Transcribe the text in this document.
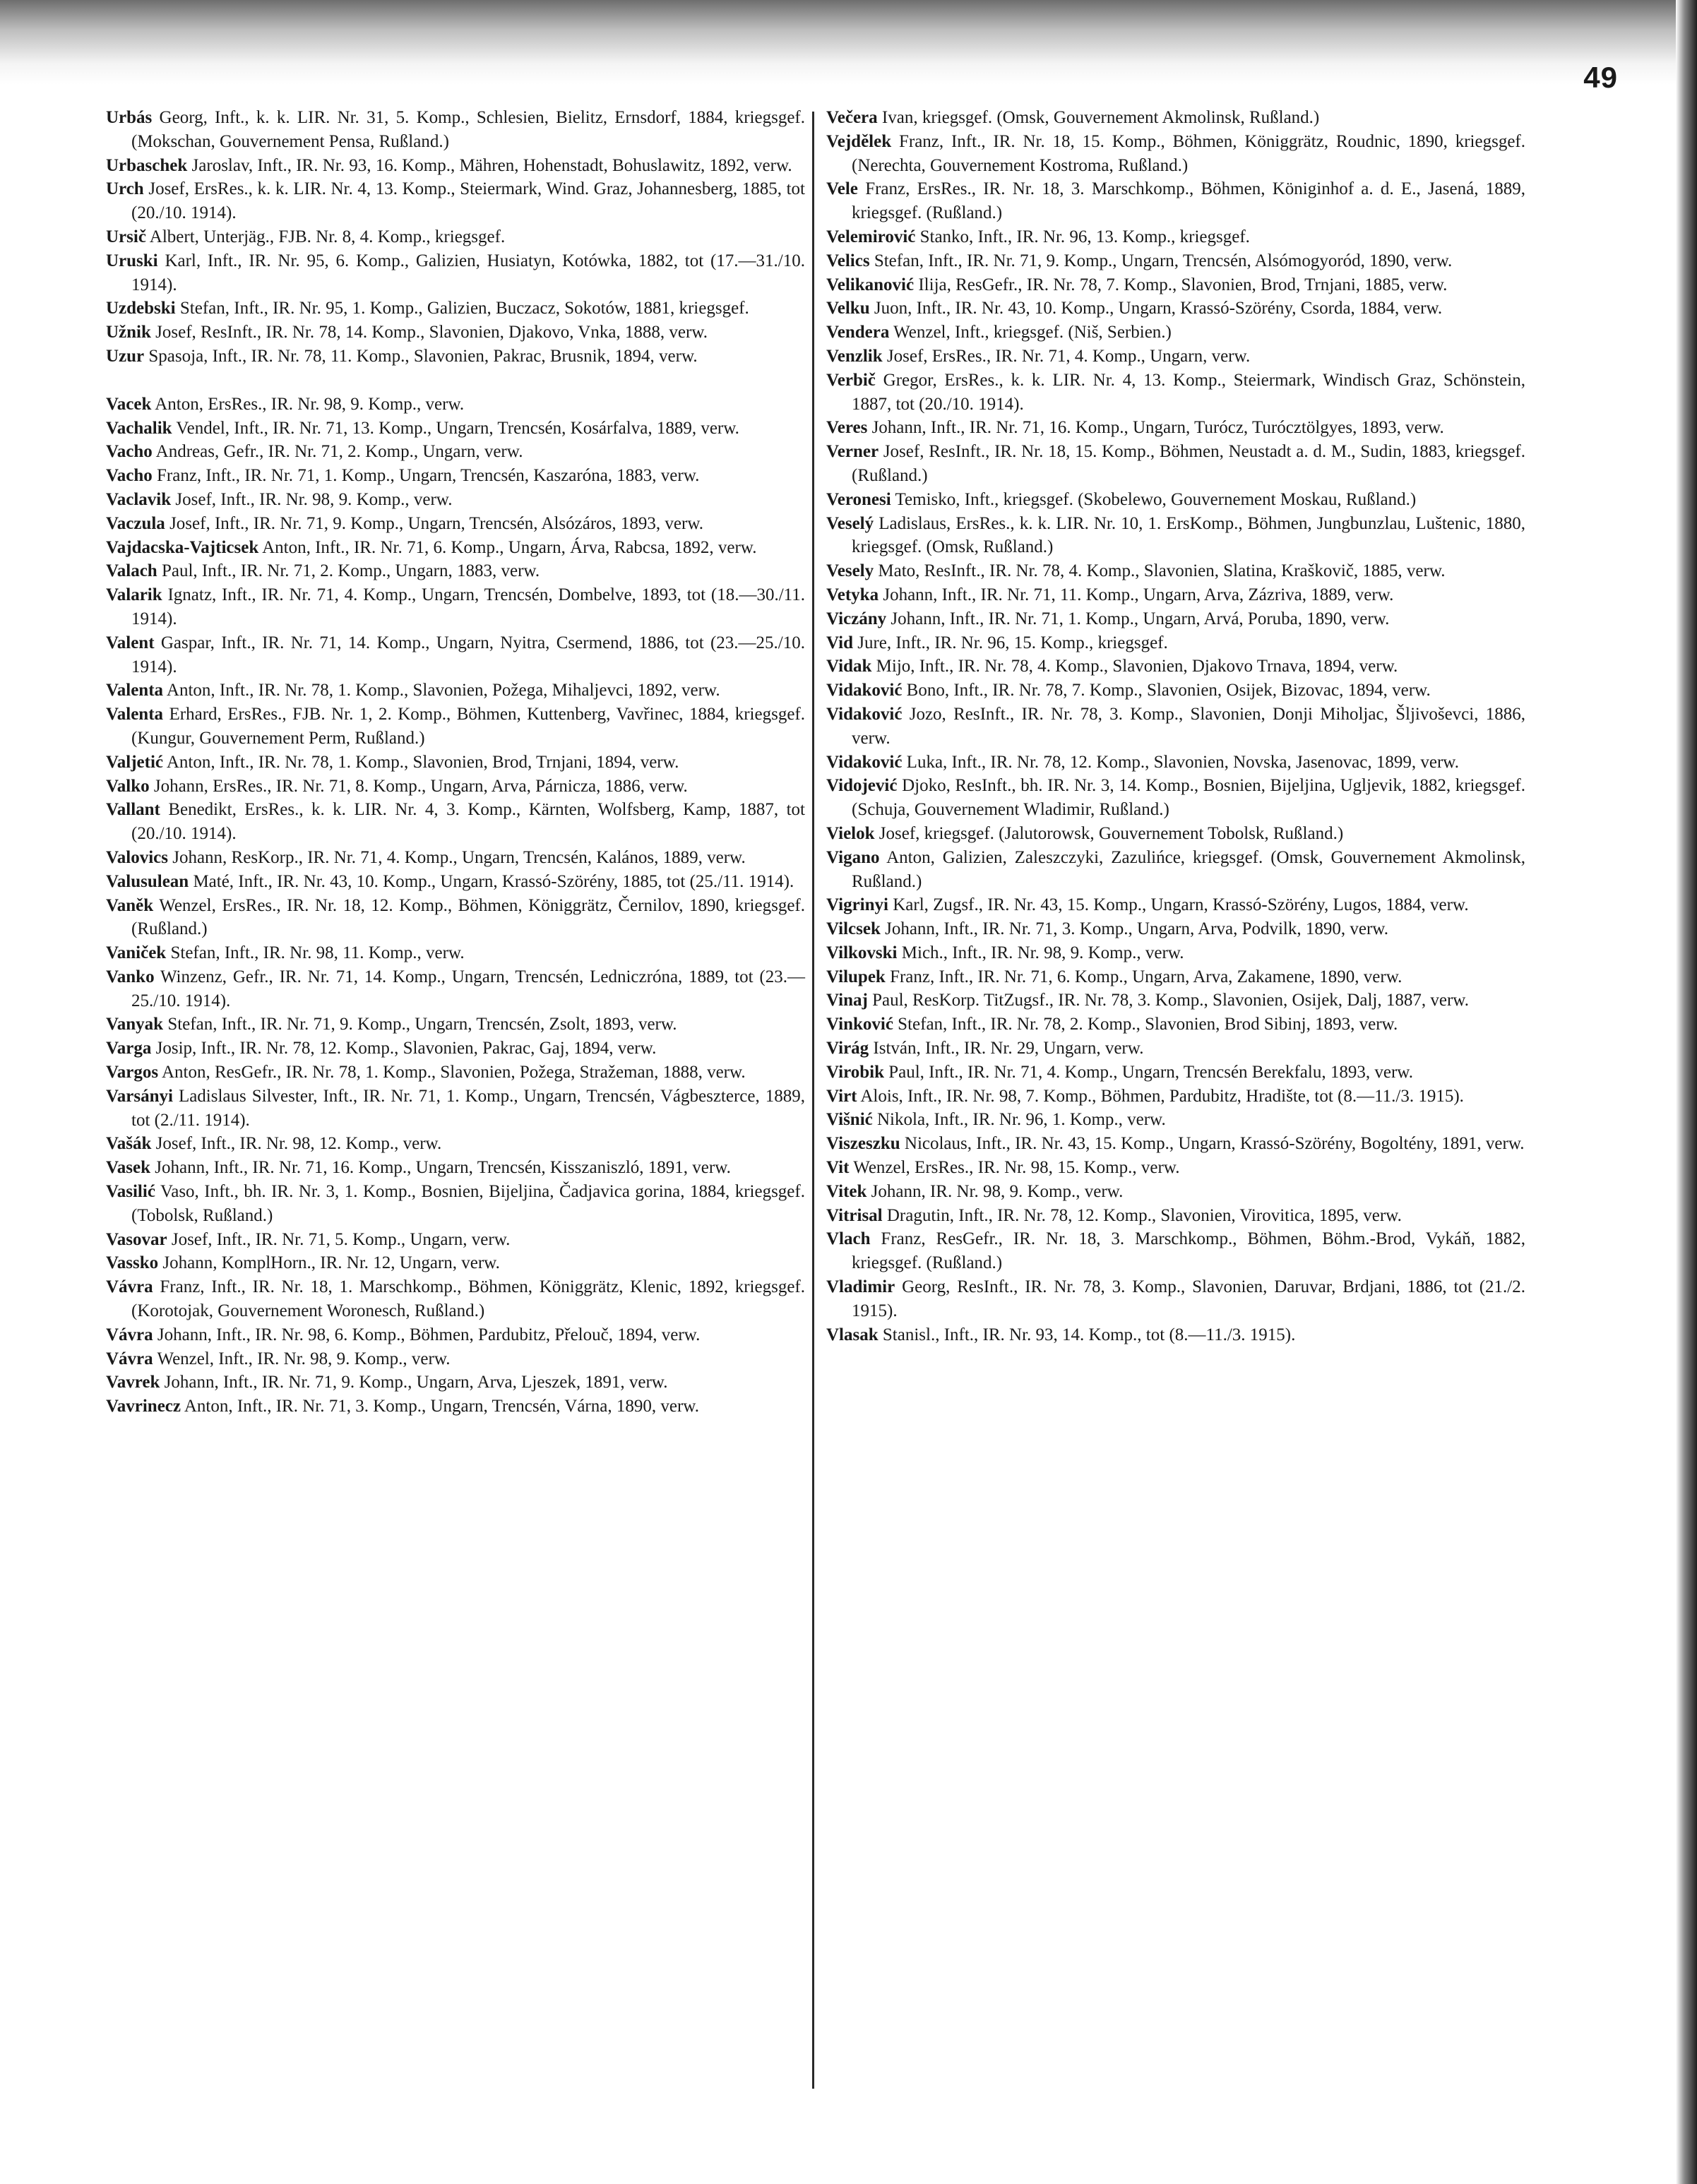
49

Urbás Georg, Inft., k. k. LIR. Nr. 31, 5. Komp., Schlesien, Bielitz, Ernsdorf, 1884, kriegsgef. (Mokschan, Gouvernement Pensa, Rußland.)

Urbaschek Jaroslav, Inft., IR. Nr. 93, 16. Komp., Mähren, Hohenstadt, Bohuslawitz, 1892, verw.

Urch Josef, ErsRes., k. k. LIR. Nr. 4, 13. Komp., Steiermark, Wind. Graz, Johannesberg, 1885, tot (20./10. 1914).

Ursič Albert, Unterjäg., FJB. Nr. 8, 4. Komp., kriegsgef.

Uruski Karl, Inft., IR. Nr. 95, 6. Komp., Galizien, Husiatyn, Kotówka, 1882, tot (17.—31./10. 1914).

Uzdebski Stefan, Inft., IR. Nr. 95, 1. Komp., Galizien, Buczacz, Sokotów, 1881, kriegsgef.

Užnik Josef, ResInft., IR. Nr. 78, 14. Komp., Slavonien, Djakovo, Vnka, 1888, verw.

Uzur Spasoja, Inft., IR. Nr. 78, 11. Komp., Slavonien, Pakrac, Brusnik, 1894, verw.

Vacek Anton, ErsRes., IR. Nr. 98, 9. Komp., verw.

Vachalik Vendel, Inft., IR. Nr. 71, 13. Komp., Ungarn, Trencsén, Kosárfalva, 1889, verw.

Vacho Andreas, Gefr., IR. Nr. 71, 2. Komp., Ungarn, verw.

Vacho Franz, Inft., IR. Nr. 71, 1. Komp., Ungarn, Trencsén, Kaszaróna, 1883, verw.

Vaclavik Josef, Inft., IR. Nr. 98, 9. Komp., verw.

Vaczula Josef, Inft., IR. Nr. 71, 9. Komp., Ungarn, Trencsén, Alsózáros, 1893, verw.

Vajdacska-Vajticsek Anton, Inft., IR. Nr. 71, 6. Komp., Ungarn, Árva, Rabcsa, 1892, verw.

Valach Paul, Inft., IR. Nr. 71, 2. Komp., Ungarn, 1883, verw.

Valarik Ignatz, Inft., IR. Nr. 71, 4. Komp., Ungarn, Trencsén, Dombelve, 1893, tot (18.—30./11. 1914).

Valent Gaspar, Inft., IR. Nr. 71, 14. Komp., Ungarn, Nyitra, Csermend, 1886, tot (23.—25./10. 1914).

Valenta Anton, Inft., IR. Nr. 78, 1. Komp., Slavonien, Požega, Mihaljevci, 1892, verw.

Valenta Erhard, ErsRes., FJB. Nr. 1, 2. Komp., Böhmen, Kuttenberg, Vavřinec, 1884, kriegsgef. (Kungur, Gouvernement Perm, Rußland.)

Valjetić Anton, Inft., IR. Nr. 78, 1. Komp., Slavonien, Brod, Trnjani, 1894, verw.

Valko Johann, ErsRes., IR. Nr. 71, 8. Komp., Ungarn, Arva, Párnicza, 1886, verw.

Vallant Benedikt, ErsRes., k. k. LIR. Nr. 4, 3. Komp., Kärnten, Wolfsberg, Kamp, 1887, tot (20./10. 1914).

Valovics Johann, ResKorp., IR. Nr. 71, 4. Komp., Ungarn, Trencsén, Kalános, 1889, verw.

Valusulean Maté, Inft., IR. Nr. 43, 10. Komp., Ungarn, Krassó-Szörény, 1885, tot (25./11. 1914).

Vaněk Wenzel, ErsRes., IR. Nr. 18, 12. Komp., Böhmen, Königgrätz, Černilov, 1890, kriegsgef. (Rußland.)

Vaniček Stefan, Inft., IR. Nr. 98, 11. Komp., verw.

Vanko Winzenz, Gefr., IR. Nr. 71, 14. Komp., Ungarn, Trencsén, Ledniczróna, 1889, tot (23.—25./10. 1914).

Vanyak Stefan, Inft., IR. Nr. 71, 9. Komp., Ungarn, Trencsén, Zsolt, 1893, verw.

Varga Josip, Inft., IR. Nr. 78, 12. Komp., Slavonien, Pakrac, Gaj, 1894, verw.

Vargos Anton, ResGefr., IR. Nr. 78, 1. Komp., Slavonien, Požega, Stražeman, 1888, verw.

Varsányi Ladislaus Silvester, Inft., IR. Nr. 71, 1. Komp., Ungarn, Trencsén, Vágbeszterce, 1889, tot (2./11. 1914).

Vašák Josef, Inft., IR. Nr. 98, 12. Komp., verw.

Vasek Johann, Inft., IR. Nr. 71, 16. Komp., Ungarn, Trencsén, Kisszaniszló, 1891, verw.

Vasilić Vaso, Inft., bh. IR. Nr. 3, 1. Komp., Bosnien, Bijeljina, Čadjavica gorina, 1884, kriegsgef. (Tobolsk, Rußland.)

Vasovar Josef, Inft., IR. Nr. 71, 5. Komp., Ungarn, verw.

Vassko Johann, KomplHorn., IR. Nr. 12, Ungarn, verw.

Vávra Franz, Inft., IR. Nr. 18, 1. Marschkomp., Böhmen, Königgrätz, Klenic, 1892, kriegsgef. (Korotojak, Gouvernement Woronesch, Rußland.)

Vávra Johann, Inft., IR. Nr. 98, 6. Komp., Böhmen, Pardubitz, Přelouč, 1894, verw.

Vávra Wenzel, Inft., IR. Nr. 98, 9. Komp., verw.

Vavrek Johann, Inft., IR. Nr. 71, 9. Komp., Ungarn, Arva, Ljeszek, 1891, verw.

Vavrinecz Anton, Inft., IR. Nr. 71, 3. Komp., Ungarn, Trencsén, Várna, 1890, verw.

Večera Ivan, kriegsgef. (Omsk, Gouvernement Akmolinsk, Rußland.)

Vejdělek Franz, Inft., IR. Nr. 18, 15. Komp., Böhmen, Königgrätz, Roudnic, 1890, kriegsgef. (Nerechta, Gouvernement Kostroma, Rußland.)

Vele Franz, ErsRes., IR. Nr. 18, 3. Marschkomp., Böhmen, Königinhof a. d. E., Jasená, 1889, kriegsgef. (Rußland.)

Velemirović Stanko, Inft., IR. Nr. 96, 13. Komp., kriegsgef.

Velics Stefan, Inft., IR. Nr. 71, 9. Komp., Ungarn, Trencsén, Alsómogyoród, 1890, verw.

Velikanović Ilija, ResGefr., IR. Nr. 78, 7. Komp., Slavonien, Brod, Trnjani, 1885, verw.

Velku Juon, Inft., IR. Nr. 43, 10. Komp., Ungarn, Krassó-Szörény, Csorda, 1884, verw.

Vendera Wenzel, Inft., kriegsgef. (Niš, Serbien.)

Venzlik Josef, ErsRes., IR. Nr. 71, 4. Komp., Ungarn, verw.

Verbič Gregor, ErsRes., k. k. LIR. Nr. 4, 13. Komp., Steiermark, Windisch Graz, Schönstein, 1887, tot (20./10. 1914).

Veres Johann, Inft., IR. Nr. 71, 16. Komp., Ungarn, Turócz, Turócztölgyes, 1893, verw.

Verner Josef, ResInft., IR. Nr. 18, 15. Komp., Böhmen, Neustadt a. d. M., Sudin, 1883, kriegsgef. (Rußland.)

Veronesi Temisko, Inft., kriegsgef. (Skobelewo, Gouvernement Moskau, Rußland.)

Veselý Ladislaus, ErsRes., k. k. LIR. Nr. 10, 1. ErsKomp., Böhmen, Jungbunzlau, Luštenic, 1880, kriegsgef. (Omsk, Rußland.)

Vesely Mato, ResInft., IR. Nr. 78, 4. Komp., Slavonien, Slatina, Kraškovič, 1885, verw.

Vetyka Johann, Inft., IR. Nr. 71, 11. Komp., Ungarn, Arva, Zázriva, 1889, verw.

Viczány Johann, Inft., IR. Nr. 71, 1. Komp., Ungarn, Arvá, Poruba, 1890, verw.

Vid Jure, Inft., IR. Nr. 96, 15. Komp., kriegsgef.

Vidak Mijo, Inft., IR. Nr. 78, 4. Komp., Slavonien, Djakovo Trnava, 1894, verw.

Vidaković Bono, Inft., IR. Nr. 78, 7. Komp., Slavonien, Osijek, Bizovac, 1894, verw.

Vidaković Jozo, ResInft., IR. Nr. 78, 3. Komp., Slavonien, Donji Miholjac, Šljivoševci, 1886, verw.

Vidaković Luka, Inft., IR. Nr. 78, 12. Komp., Slavonien, Novska, Jasenovac, 1899, verw.

Vidojević Djoko, ResInft., bh. IR. Nr. 3, 14. Komp., Bosnien, Bijeljina, Ugljevik, 1882, kriegsgef. (Schuja, Gouvernement Wladimir, Rußland.)

Vielok Josef, kriegsgef. (Jalutorowsk, Gouvernement Tobolsk, Rußland.)

Vigano Anton, Galizien, Zaleszczyki, Zazulińce, kriegsgef. (Omsk, Gouvernement Akmolinsk, Rußland.)

Vigrinyi Karl, Zugsf., IR. Nr. 43, 15. Komp., Ungarn, Krassó-Szörény, Lugos, 1884, verw.

Vilcsek Johann, Inft., IR. Nr. 71, 3. Komp., Ungarn, Arva, Podvilk, 1890, verw.

Vilkovski Mich., Inft., IR. Nr. 98, 9. Komp., verw.

Vilupek Franz, Inft., IR. Nr. 71, 6. Komp., Ungarn, Arva, Zakamene, 1890, verw.

Vinaj Paul, ResKorp. TitZugsf., IR. Nr. 78, 3. Komp., Slavonien, Osijek, Dalj, 1887, verw.

Vinković Stefan, Inft., IR. Nr. 78, 2. Komp., Slavonien, Brod Sibinj, 1893, verw.

Virág István, Inft., IR. Nr. 29, Ungarn, verw.

Virobik Paul, Inft., IR. Nr. 71, 4. Komp., Ungarn, Trencsén Berekfalu, 1893, verw.

Virt Alois, Inft., IR. Nr. 98, 7. Komp., Böhmen, Pardubitz, Hradište, tot (8.—11./3. 1915).

Višnić Nikola, Inft., IR. Nr. 96, 1. Komp., verw.

Viszeszku Nicolaus, Inft., IR. Nr. 43, 15. Komp., Ungarn, Krassó-Szörény, Bogoltény, 1891, verw.

Vit Wenzel, ErsRes., IR. Nr. 98, 15. Komp., verw.

Vitek Johann, IR. Nr. 98, 9. Komp., verw.

Vitrisal Dragutin, Inft., IR. Nr. 78, 12. Komp., Slavonien, Virovitica, 1895, verw.

Vlach Franz, ResGefr., IR. Nr. 18, 3. Marschkomp., Böhmen, Böhm.-Brod, Vykáň, 1882, kriegsgef. (Rußland.)

Vladimir Georg, ResInft., IR. Nr. 78, 3. Komp., Slavonien, Daruvar, Brdjani, 1886, tot (21./2. 1915).

Vlasak Stanisl., Inft., IR. Nr. 93, 14. Komp., tot (8.—11./3. 1915).
